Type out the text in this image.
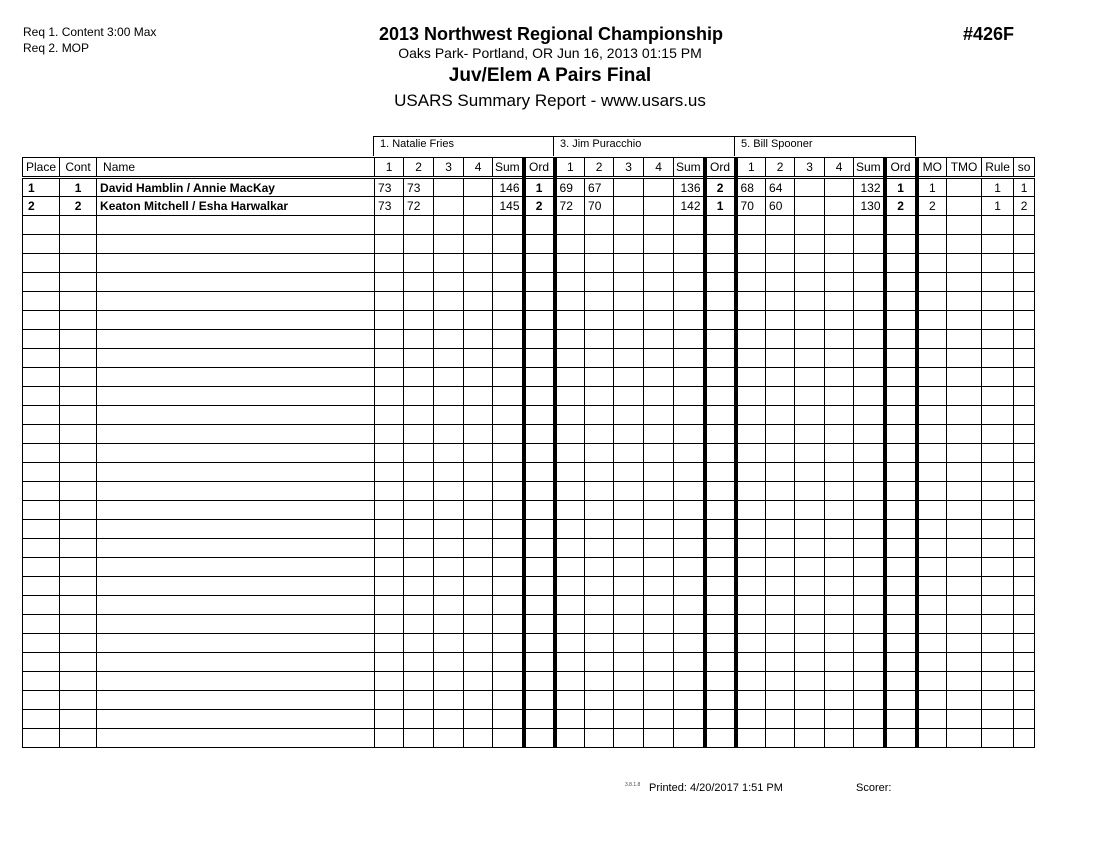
Req 1. Content 3:00 Max
Req 2. MOP
2013 Northwest Regional Championship
Oaks Park- Portland, OR Jun 16, 2013 01:15 PM
Juv/Elem A Pairs Final
USARS Summary Report - www.usars.us
#426F
1. Natalie Fries	3. Jim Puracchio	5. Bill Spooner
Place	Cont	Name	1	2	3	4	Sum	Ord	1	2	3	4	Sum	Ord	1	2	3	4	Sum	Ord	MO	TMO	Rule	so
1	1	David Hamblin / Annie MacKay	73	73			146	1	69	67			136	2	68	64			132	1	1		1	1
2	2	Keaton Mitchell / Esha Harwalkar	73	72			145	2	72	70			142	1	70	60			130	2	2		1	2

3.8.1.8 Printed: 4/20/2017 1:51 PM	Scorer:
